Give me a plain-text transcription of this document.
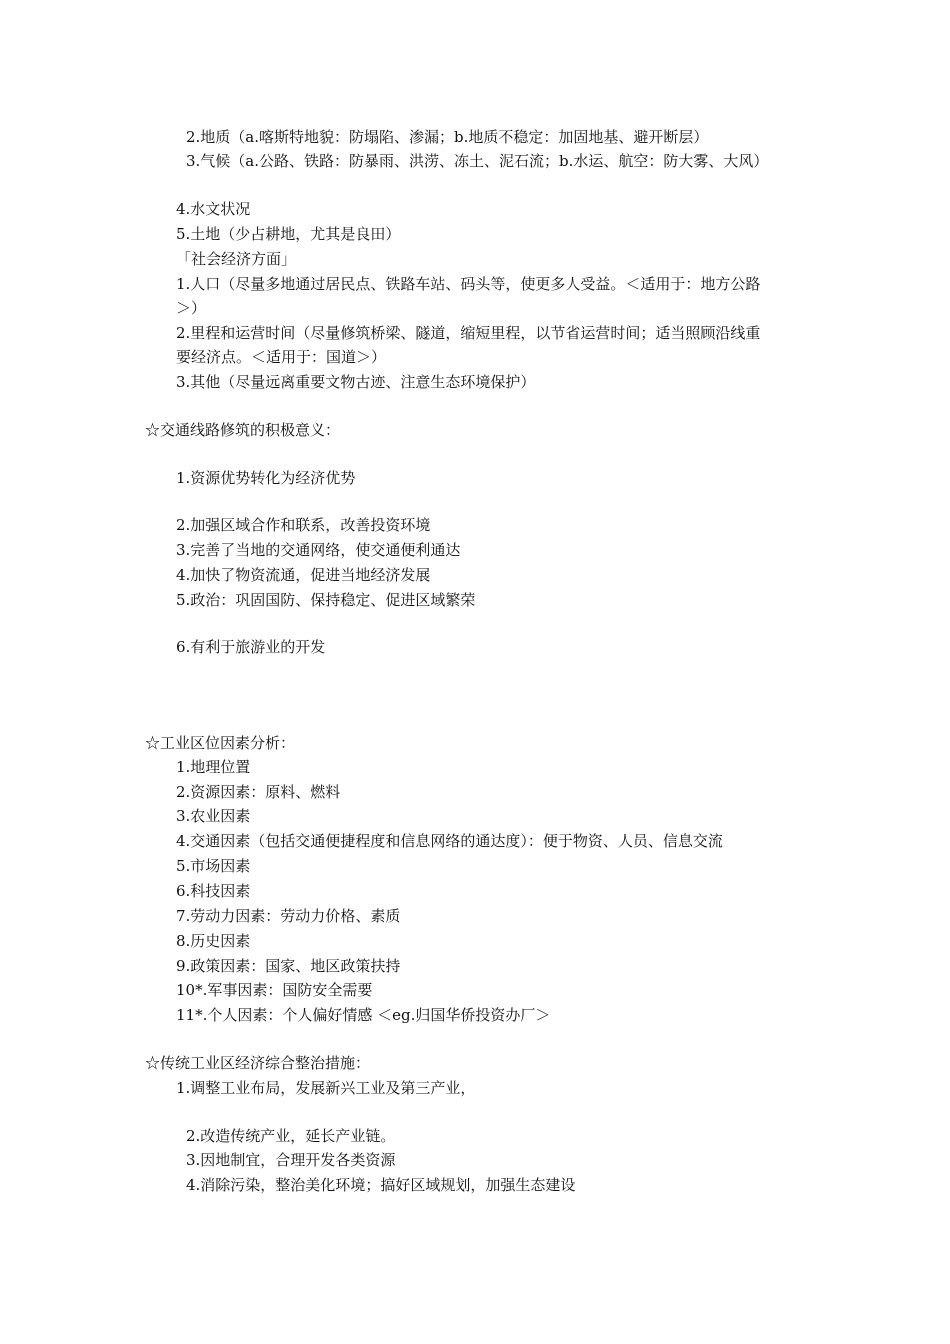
2.地质（a.喀斯特地貌：防塌陷、渗漏；b.地质不稳定：加固地基、避开断层）
3.气候（a.公路、铁路：防暴雨、洪涝、冻土、泥石流；b.水运、航空：防大雾、大风）
4.水文状况
5.土地（少占耕地，尤其是良田）
「社会经济方面」
1.人口（尽量多地通过居民点、铁路车站、码头等，使更多人受益。＜适用于：地方公路
＞）
2.里程和运营时间（尽量修筑桥梁、隧道，缩短里程，以节省运营时间；适当照顾沿线重
要经济点。＜适用于：国道＞）
3.其他（尽量远离重要文物古迹、注意生态环境保护）
☆交通线路修筑的积极意义：
1.资源优势转化为经济优势
2.加强区域合作和联系，改善投资环境
3.完善了当地的交通网络，使交通便利通达
4.加快了物资流通，促进当地经济发展
5.政治：巩固国防、保持稳定、促进区域繁荣
6.有利于旅游业的开发
☆工业区位因素分析：
1.地理位置
2.资源因素：原料、燃料
3.农业因素
4.交通因素（包括交通便捷程度和信息网络的通达度）：便于物资、人员、信息交流
5.市场因素
6.科技因素
7.劳动力因素：劳动力价格、素质
8.历史因素
9.政策因素：国家、地区政策扶持
10*.军事因素：国防安全需要
11*.个人因素：个人偏好情感 ＜eg.归国华侨投资办厂＞
☆传统工业区经济综合整治措施：
1.调整工业布局，发展新兴工业及第三产业，
2.改造传统产业，延长产业链。
3.因地制宜，合理开发各类资源
4.消除污染，整治美化环境；搞好区域规划，加强生态建设
